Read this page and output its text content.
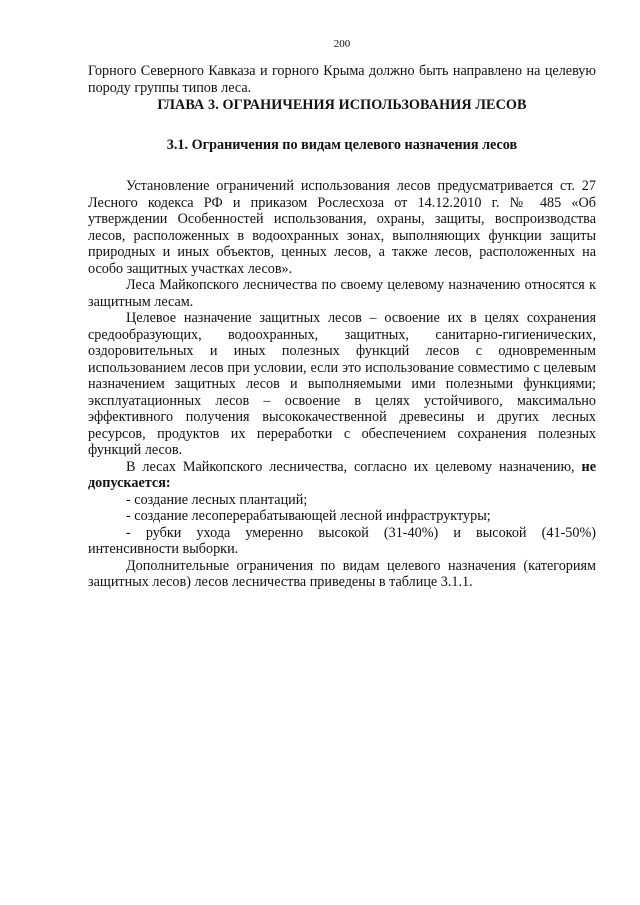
200

Горного Северного Кавказа и горного Крыма должно быть направлено на целевую породу группы типов леса.

ГЛАВА 3. ОГРАНИЧЕНИЯ ИСПОЛЬЗОВАНИЯ ЛЕСОВ
3.1. Ограничения по видам целевого назначения лесов

Установление ограничений использования лесов предусматривается ст. 27 Лесного кодекса РФ и приказом Рослесхоза от 14.12.2010 г. № 485 «Об утверждении Особенностей использования, охраны, защиты, воспроизводства лесов, расположенных в водоохранных зонах, выполняющих функции защиты природных и иных объектов, ценных лесов, а также лесов, расположенных на особо защитных участках лесов».

Леса Майкопского лесничества по своему целевому назначению относятся к защитным лесам.

Целевое назначение защитных лесов – освоение их в целях сохранения средообразующих, водоохранных, защитных, санитарно-гигиенических, оздоровительных и иных полезных функций лесов с одновременным использованием лесов при условии, если это использование совместимо с целевым назначением защитных лесов и выполняемыми ими полезными функциями; эксплуатационных лесов – освоение в целях устойчивого, максимально эффективного получения высококачественной древесины и других лесных ресурсов, продуктов их переработки с обеспечением сохранения полезных функций лесов.

В лесах Майкопского лесничества, согласно их целевому назначению, не допускается:

- создание лесных плантаций;

- создание лесоперерабатывающей лесной инфраструктуры;

- рубки ухода умеренно высокой (31-40%) и высокой (41-50%) интенсивности выборки.

Дополнительные ограничения по видам целевого назначения (категориям защитных лесов) лесов лесничества приведены в таблице 3.1.1.
